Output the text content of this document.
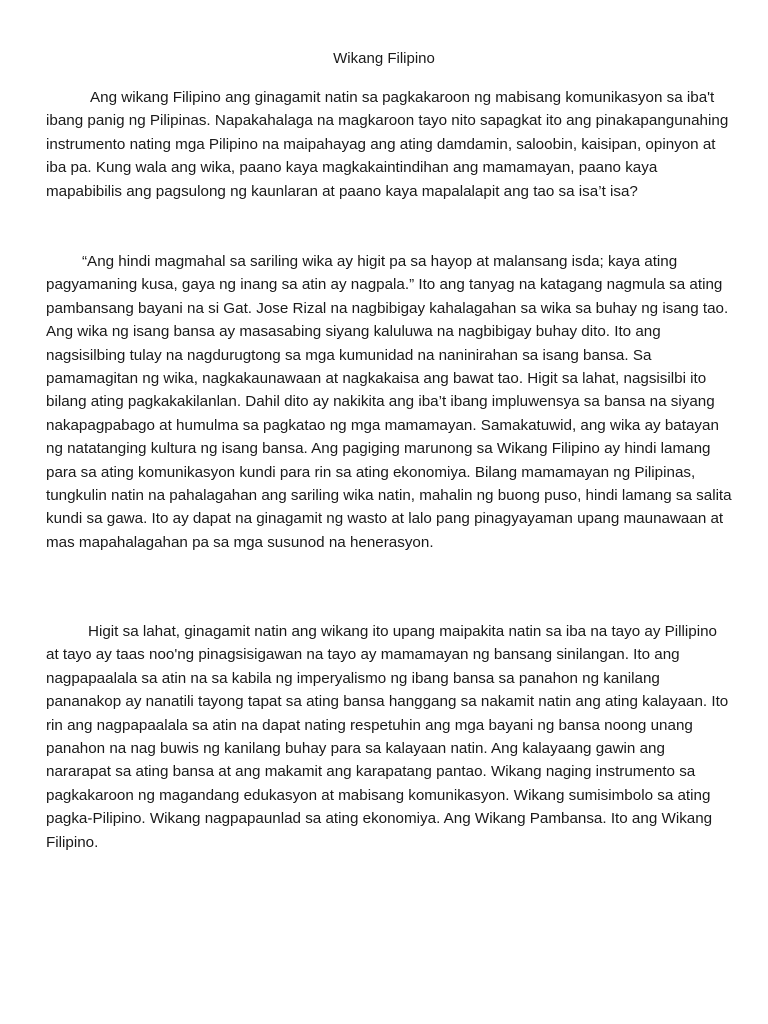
Wikang Filipino

Ang wikang Filipino ang ginagamit natin sa pagkakaroon ng mabisang komunikasyon sa iba't ibang panig ng Pilipinas. Napakahalaga na magkaroon tayo nito sapagkat ito ang pinakapangunahing instrumento nating mga Pilipino na maipahayag ang ating damdamin, saloobin, kaisipan, opinyon at iba pa. Kung wala ang wika, paano kaya magkakaintindihan ang mamamayan, paano kaya mapabibilis ang pagsulong ng kaunlaran at paano kaya mapalalapit ang tao sa isa’t isa?

“Ang hindi magmahal sa sariling wika ay higit pa sa hayop at malansang isda; kaya ating pagyamaning kusa, gaya ng inang sa atin ay nagpala.” Ito ang tanyag na katagang nagmula sa ating pambansang bayani na si Gat. Jose Rizal na nagbibigay kahalagahan sa wika sa buhay ng isang tao. Ang wika ng isang bansa ay masasabing siyang kaluluwa na nagbibigay buhay dito. Ito ang nagsisilbing tulay na nagdurugtong sa mga kumunidad na naninirahan sa isang bansa. Sa pamamagitan ng wika, nagkakaunawaan at nagkakaisa ang bawat tao. Higit sa lahat, nagsisilbi ito bilang ating pagkakakilanlan. Dahil dito ay nakikita ang iba’t ibang impluwensya sa bansa na siyang nakapagpabago at humulma sa pagkatao ng mga mamamayan. Samakatuwid, ang wika ay batayan ng natatanging kultura ng isang bansa. Ang pagiging marunong sa Wikang Filipino ay hindi lamang para sa ating komunikasyon kundi para rin sa ating ekonomiya. Bilang mamamayan ng Pilipinas, tungkulin natin na pahalagahan ang sariling wika natin, mahalin ng buong puso, hindi lamang sa salita kundi sa gawa. Ito ay dapat na ginagamit ng wasto at lalo pang pinagyayaman upang maunawaan at mas mapahalagahan pa sa mga susunod na henerasyon.

Higit sa lahat, ginagamit natin ang wikang ito upang maipakita natin sa iba na tayo ay Pillipino at tayo ay taas noo'ng pinagsisigawan na tayo ay mamamayan ng bansang sinilangan. Ito ang nagpapaalala sa atin na sa kabila ng imperyalismo ng ibang bansa sa panahon ng kanilang pananakop ay nanatili tayong tapat sa ating bansa hanggang sa nakamit natin ang ating kalayaan. Ito rin ang nagpapaalala sa atin na dapat nating respetuhin ang mga bayani ng bansa noong unang panahon na nag buwis ng kanilang buhay para sa kalayaan natin. Ang kalayaang gawin ang nararapat sa ating bansa at ang makamit ang karapatang pantao. Wikang naging instrumento sa pagkakaroon ng magandang edukasyon at mabisang komunikasyon. Wikang sumisimbolo sa ating pagka-Pilipino. Wikang nagpapaunlad sa ating ekonomiya. Ang Wikang Pambansa. Ito ang Wikang Filipino.
